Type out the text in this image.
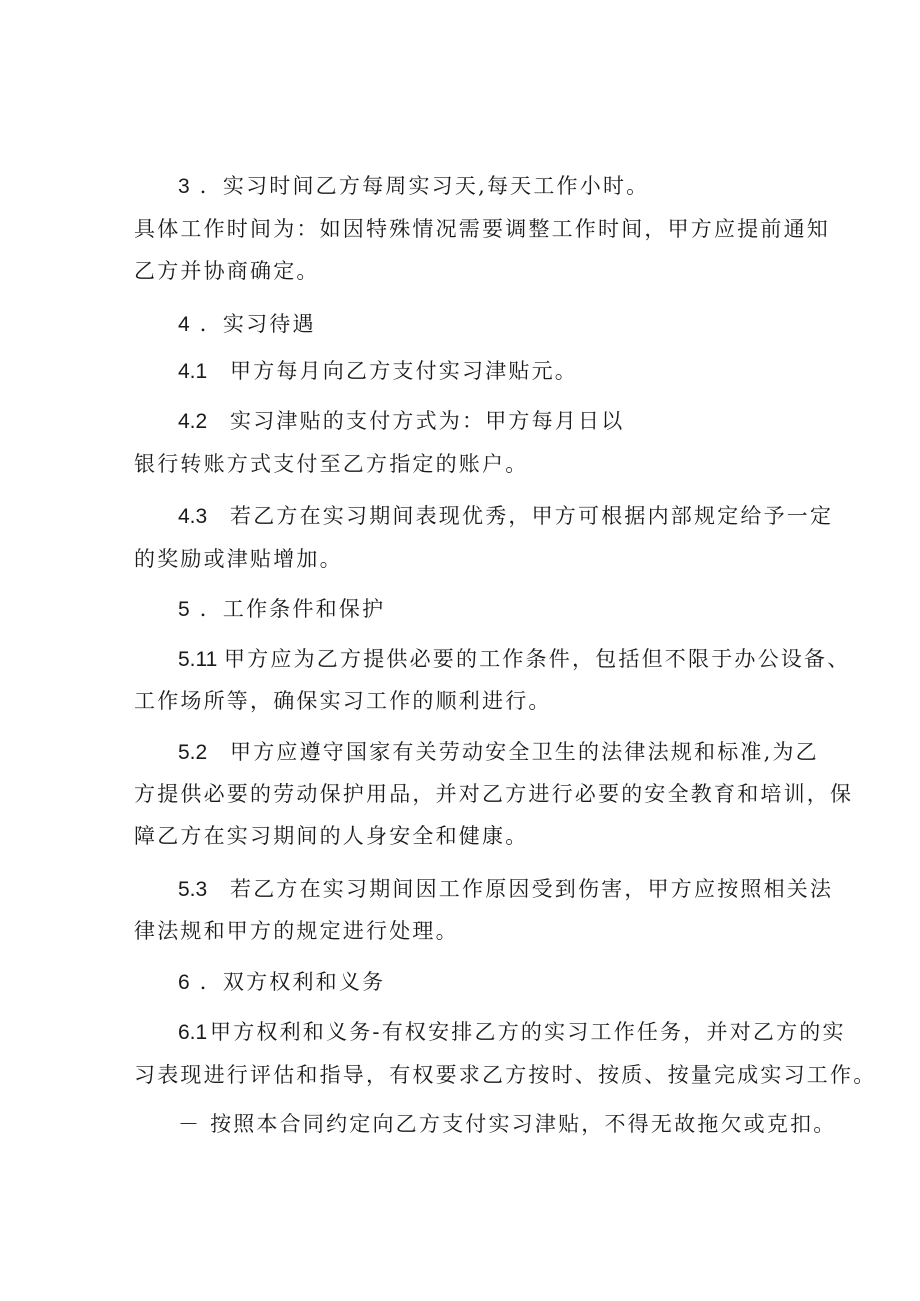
3 ．实习时间乙方每周实习天,每天工作小时。
具体工作时间为：如因特殊情况需要调整工作时间，甲方应提前通知
乙方并协商确定。
4 ．实习待遇
4.1 甲方每月向乙方支付实习津贴元。
4.2 实习津贴的支付方式为：甲方每月日以
银行转账方式支付至乙方指定的账户。
4.3 若乙方在实习期间表现优秀，甲方可根据内部规定给予一定
的奖励或津贴增加。
5 ．工作条件和保护
5.11 甲方应为乙方提供必要的工作条件，包括但不限于办公设备、
工作场所等，确保实习工作的顺利进行。
5.2 甲方应遵守国家有关劳动安全卫生的法律法规和标准,为乙
方提供必要的劳动保护用品，并对乙方进行必要的安全教育和培训，保
障乙方在实习期间的人身安全和健康。
5.3 若乙方在实习期间因工作原因受到伤害，甲方应按照相关法
律法规和甲方的规定进行处理。
6 ．双方权利和义务
6.1 甲方权利和义务-有权安排乙方的实习工作任务，并对乙方的实
习表现进行评估和指导，有权要求乙方按时、按质、按量完成实习工作。
－ 按照本合同约定向乙方支付实习津贴，不得无故拖欠或克扣。
